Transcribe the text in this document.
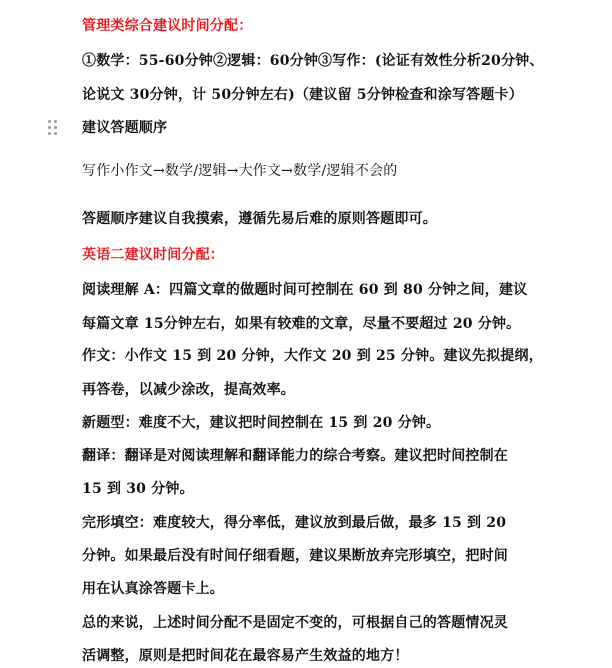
管理类综合建议时间分配：
①数学：55-60分钟②逻辑：60分钟③写作：(论证有效性分析20分钟、
论说文 30分钟，计 50分钟左右)（建议留 5分钟检查和涂写答题卡）
建议答题顺序
写作小作文→数学/逻辑→大作文→数学/逻辑不会的
答题顺序建议自我摸索，遵循先易后难的原则答题即可。
英语二建议时间分配：
阅读理解 A：四篇文章的做题时间可控制在 60 到 80 分钟之间，建议
每篇文章 15分钟左右，如果有较难的文章，尽量不要超过 20 分钟。
作文：小作文 15 到 20 分钟，大作文 20 到 25 分钟。建议先拟提纲，
再答卷，以减少涂改，提高效率。
新题型：难度不大，建议把时间控制在 15 到 20 分钟。
翻译：翻译是对阅读理解和翻译能力的综合考察。建议把时间控制在
15 到 30 分钟。
完形填空：难度较大，得分率低，建议放到最后做，最多 15 到 20
分钟。如果最后没有时间仔细看题，建议果断放弃完形填空，把时间
用在认真涂答题卡上。
总的来说，上述时间分配不是固定不变的，可根据自己的答题情况灵
活调整，原则是把时间花在最容易产生效益的地方！
